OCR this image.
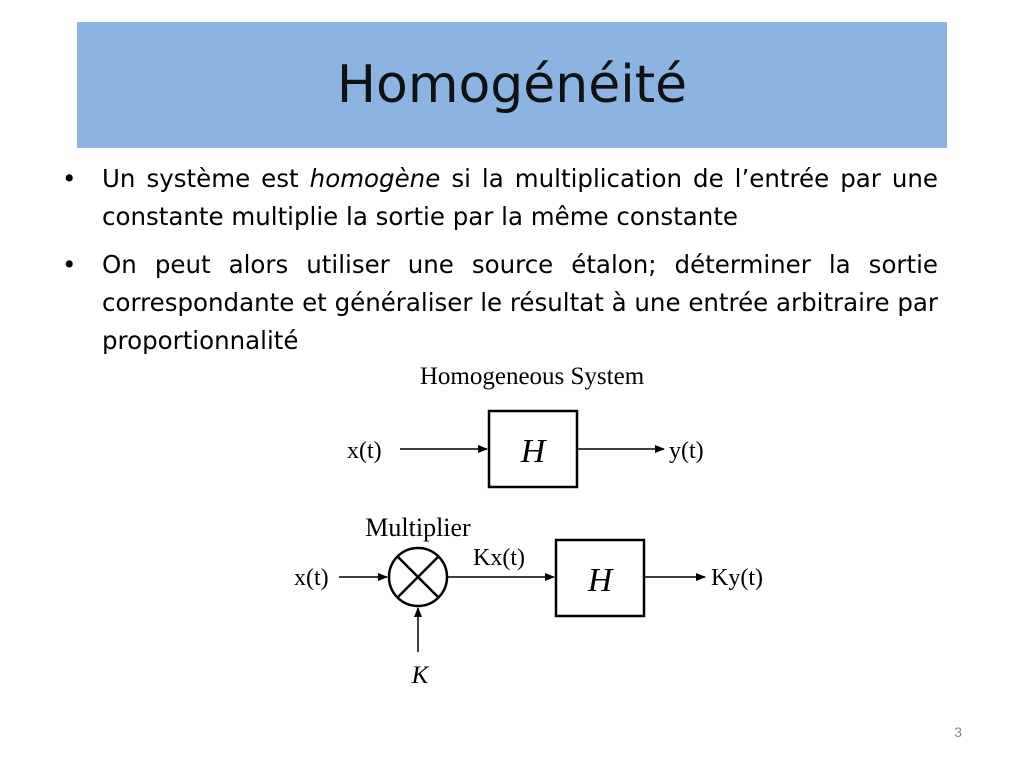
Homogénéité
• Un système est homogène si la multiplication de l’entrée par une constante multiplie la sortie par la même constante
• On peut alors utiliser une source étalon; déterminer la sortie correspondante et généraliser le résultat à une entrée arbitraire par proportionnalité
Homogeneous System
x(t)	H	y(t)
Multiplier
x(t)
K
Kx(t)
H	Ky(t)
3
